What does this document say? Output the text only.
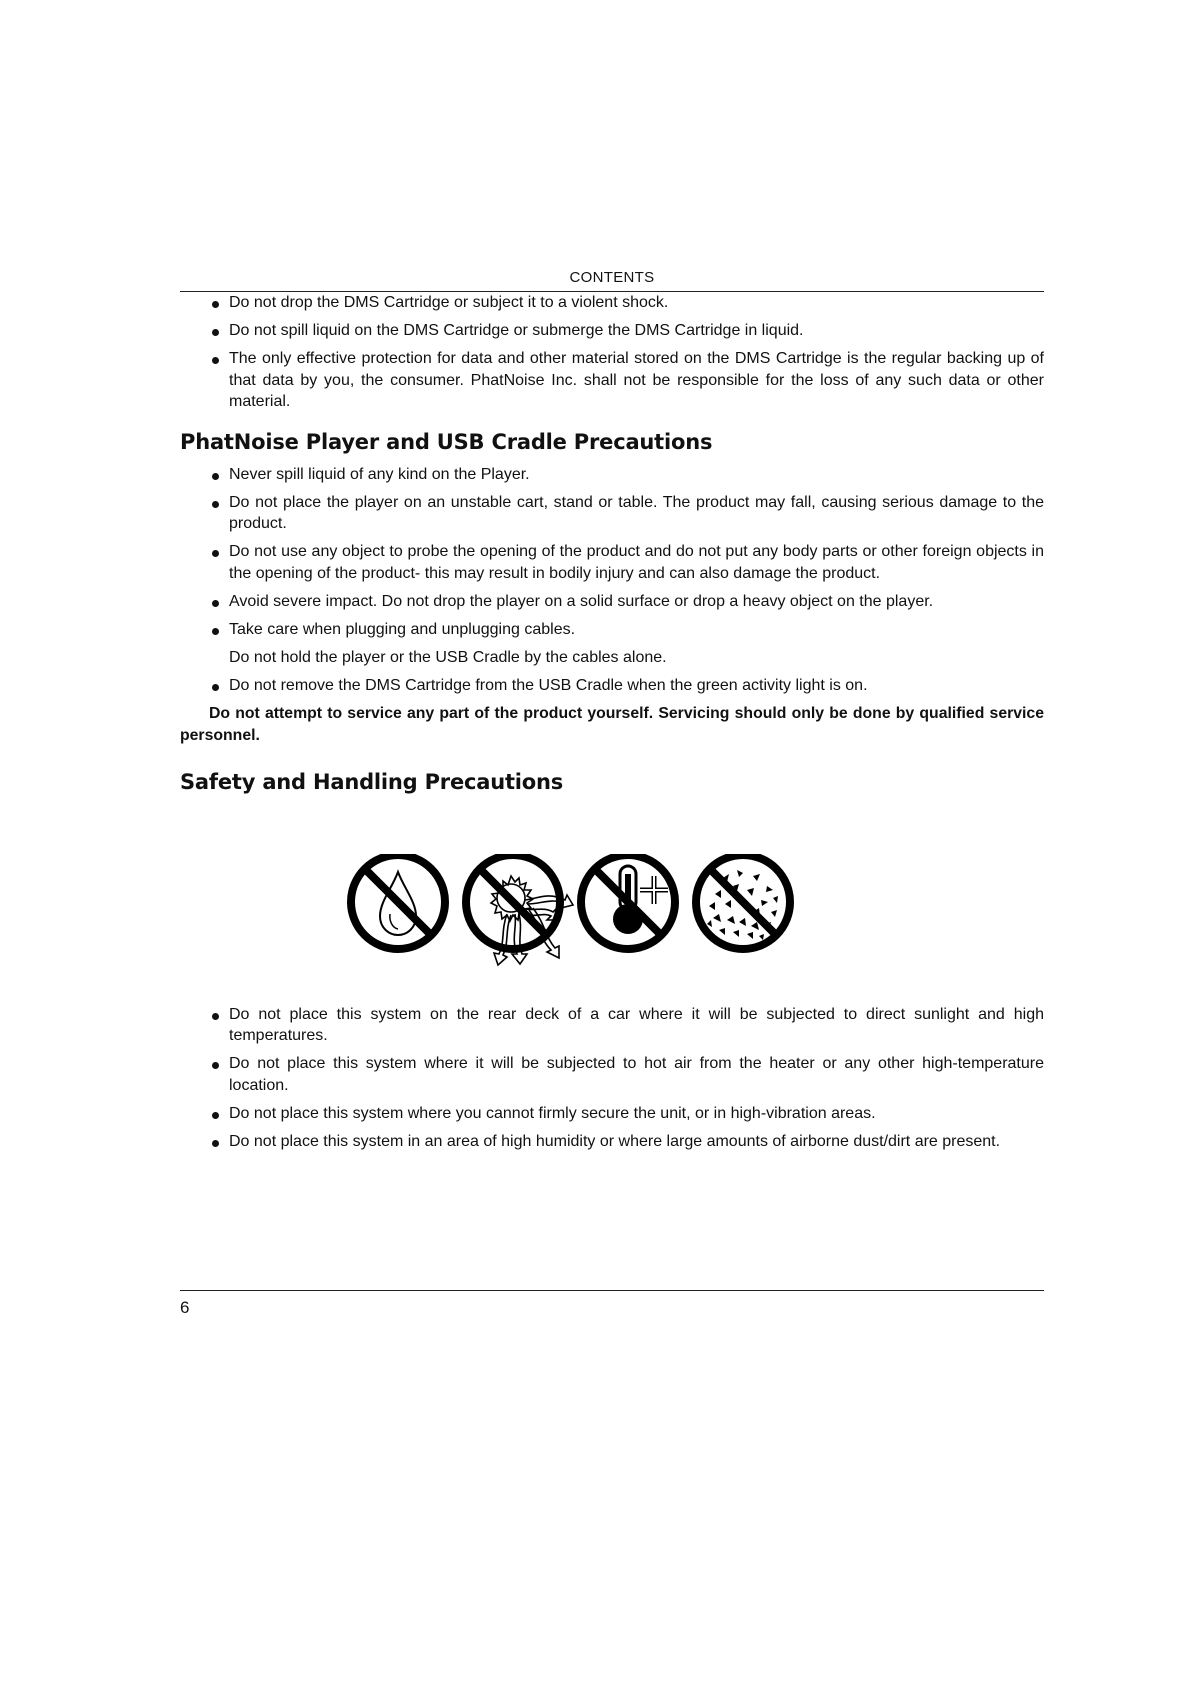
CONTENTS
Do not drop the DMS Cartridge or subject it to a violent shock.
Do not spill liquid on the DMS Cartridge or submerge the DMS Cartridge in liquid.
The only effective protection for data and other material stored on the DMS Cartridge is the regular backing up of that data by you, the consumer. PhatNoise Inc. shall not be responsible for the loss of any such data or other material.
PhatNoise Player and USB Cradle Precautions
Never spill liquid of any kind on the Player.
Do not place the player on an unstable cart, stand or table. The product may fall, causing serious damage to the product.
Do not use any object to probe the opening of the product and do not put any body parts or other foreign objects in the opening of the product- this may result in bodily injury and can also damage the product.
Avoid severe impact. Do not drop the player on a solid surface or drop a heavy object on the player.
Take care when plugging and unplugging cables.
Do not hold the player or the USB Cradle by the cables alone.
Do not remove the DMS Cartridge from the USB Cradle when the green activity light is on.

Do not attempt to service any part of the product yourself. Servicing should only be done by qualified service personnel.

Safety and Handling Precautions
Do not place this system on the rear deck of a car where it will be subjected to direct sunlight and high temperatures.
Do not place this system where it will be subjected to hot air from the heater or any other high-temperature location.
Do not place this system where you cannot firmly secure the unit, or in high-vibration areas.
Do not place this system in an area of high humidity or where large amounts of airborne dust/dirt are present.
6
